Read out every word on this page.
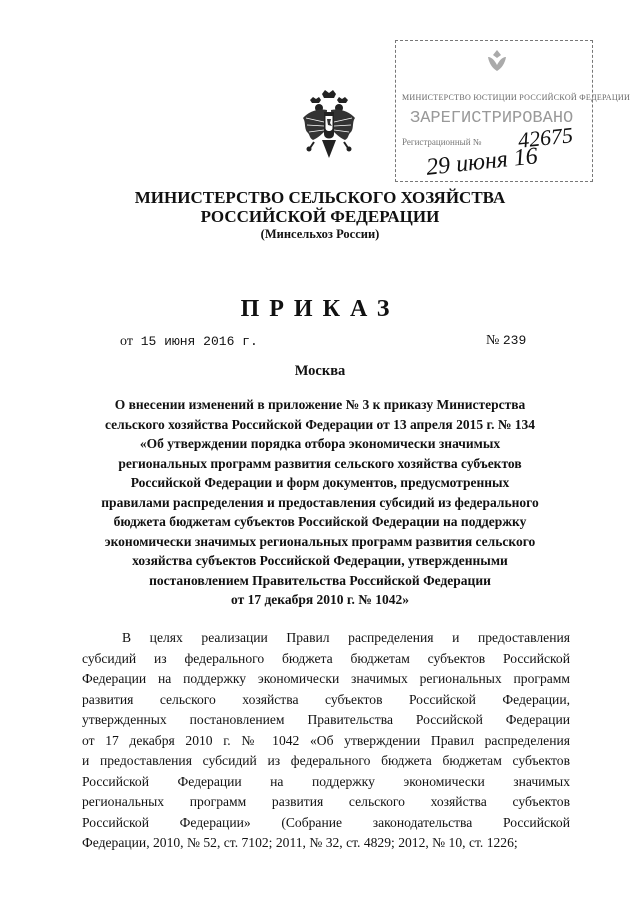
МИНИСТЕРСТВО ЮСТИЦИИ РОССИЙСКОЙ ФЕДЕРАЦИИ
ЗАРЕГИСТРИРОВАНО
Регистрационный № 42675
29 июня 16
МИНИСТЕРСТВО СЕЛЬСКОГО ХОЗЯЙСТВА
РОССИЙСКОЙ ФЕДЕРАЦИИ
(Минсельхоз России)
ПРИКАЗ
от 15 июня 2016 г.	№ 239
Москва
О внесении изменений в приложение № 3 к приказу Министерства
сельского хозяйства Российской Федерации от 13 апреля 2015 г. № 134
«Об утверждении порядка отбора экономически значимых
региональных программ развития сельского хозяйства субъектов
Российской Федерации и форм документов, предусмотренных
правилами распределения и предоставления субсидий из федерального
бюджета бюджетам субъектов Российской Федерации на поддержку
экономически значимых региональных программ развития сельского
хозяйства субъектов Российской Федерации, утвержденными
постановлением Правительства Российской Федерации
от 17 декабря 2010 г. № 1042»
В целях реализации Правил распределения и предоставления
субсидий из федерального бюджета бюджетам субъектов Российской
Федерации на поддержку экономически значимых региональных программ
развития сельского хозяйства субъектов Российской Федерации,
утвержденных постановлением Правительства Российской Федерации
от 17 декабря 2010 г. № 1042 «Об утверждении Правил распределения
и предоставления субсидий из федерального бюджета бюджетам субъектов
Российской Федерации на поддержку экономически значимых
региональных программ развития сельского хозяйства субъектов
Российской Федерации» (Собрание законодательства Российской
Федерации, 2010, № 52, ст. 7102; 2011, № 32, ст. 4829; 2012, № 10, ст. 1226;
